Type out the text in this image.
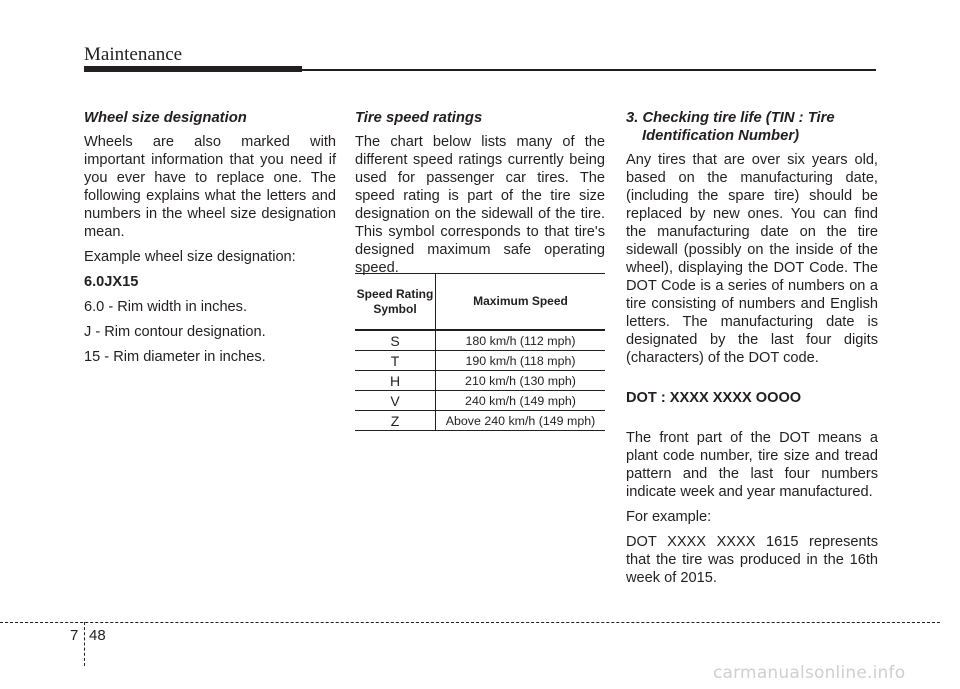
Maintenance

Wheel size designation

Wheels are also marked with important information that you need if you ever have to replace one. The following explains what the letters and numbers in the wheel size designation mean.

Example wheel size designation:

6.0JX15

6.0 - Rim width in inches.

J - Rim contour designation.

15 - Rim diameter in inches.

Tire speed ratings

The chart below lists many of the different speed ratings currently being used for passenger car tires. The speed rating is part of the tire size designation on the sidewall of the tire. This symbol corresponds to that tire's designed maximum safe operating speed.

Speed Rating Symbol	Maximum Speed
S	180 km/h (112 mph)
T	190 km/h (118 mph)
H	210 km/h (130 mph)
V	240 km/h (149 mph)
Z	Above 240 km/h (149 mph)

3. Checking tire life (TIN : Tire Identification Number)

Any tires that are over six years old, based on the manufacturing date, (including the spare tire) should be replaced by new ones. You can find the manufacturing date on the tire sidewall (possibly on the inside of the wheel), displaying the DOT Code. The DOT Code is a series of numbers on a tire consisting of numbers and English letters. The manufacturing date is designated by the last four digits (characters) of the DOT code.

DOT : XXXX XXXX OOOO

The front part of the DOT means a plant code number, tire size and tread pattern and the last four numbers indicate week and year manufactured.

For example:

DOT XXXX XXXX 1615 represents that the tire was produced in the 16th week of 2015.

7 48
carmanualsonline.info
